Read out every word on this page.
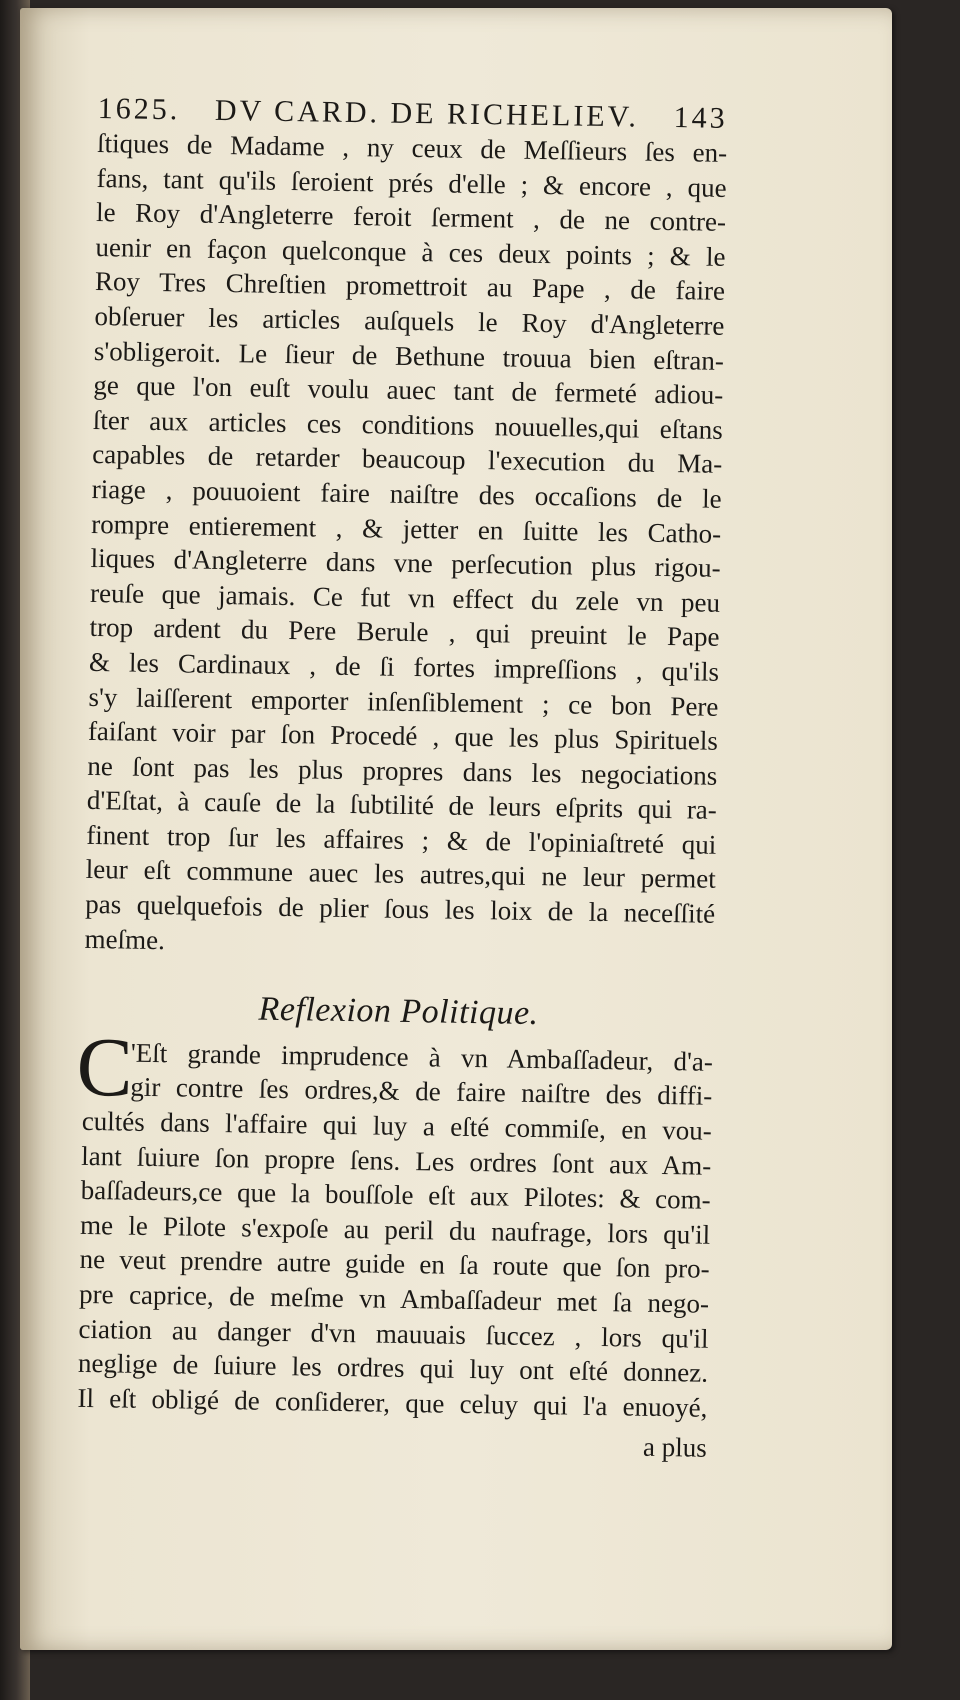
1625. DV CARD. DE RICHELIEV. 143
ſtiques de Madame , ny ceux de Meſſieurs ſes en-
fans, tant qu'ils ſeroient prés d'elle ; & encore , que
le Roy d'Angleterre feroit ſerment , de ne contre-
uenir en façon quelconque à ces deux points ; & le
Roy Tres Chreſtien promettroit au Pape , de faire
obſeruer les articles auſquels le Roy d'Angleterre
s'obligeroit. Le ſieur de Bethune trouua bien eſtran-
ge que l'on euſt voulu auec tant de fermeté adiou-
ſter aux articles ces conditions nouuelles,qui eſtans
capables de retarder beaucoup l'execution du Ma-
riage , pouuoient faire naiſtre des occaſions de le
rompre entierement , & jetter en ſuitte les Catho-
liques d'Angleterre dans vne perſecution plus rigou-
reuſe que jamais. Ce fut vn effect du zele vn peu
trop ardent du Pere Berule , qui preuint le Pape
& les Cardinaux , de ſi fortes impreſſions , qu'ils
s'y laiſſerent emporter inſenſiblement ; ce bon Pere
faiſant voir par ſon Procedé , que les plus Spirituels
ne ſont pas les plus propres dans les negociations
d'Eſtat, à cauſe de la ſubtilité de leurs eſprits qui ra-
finent trop ſur les affaires ; & de l'opiniaſtreté qui
leur eſt commune auec les autres,qui ne leur permet
pas quelquefois de plier ſous les loix de la neceſſité
meſme.
Reflexion Politique.
C
'Eſt grande imprudence à vn Ambaſſadeur, d'a-
gir contre ſes ordres,& de faire naiſtre des diffi-
cultés dans l'affaire qui luy a eſté commiſe, en vou-
lant ſuiure ſon propre ſens. Les ordres ſont aux Am-
baſſadeurs,ce que la bouſſole eſt aux Pilotes: & com-
me le Pilote s'expoſe au peril du naufrage, lors qu'il
ne veut prendre autre guide en ſa route que ſon pro-
pre caprice, de meſme vn Ambaſſadeur met ſa nego-
ciation au danger d'vn mauuais ſuccez , lors qu'il
neglige de ſuiure les ordres qui luy ont eſté donnez.
Il eſt obligé de conſiderer, que celuy qui l'a enuoyé,
a plus
